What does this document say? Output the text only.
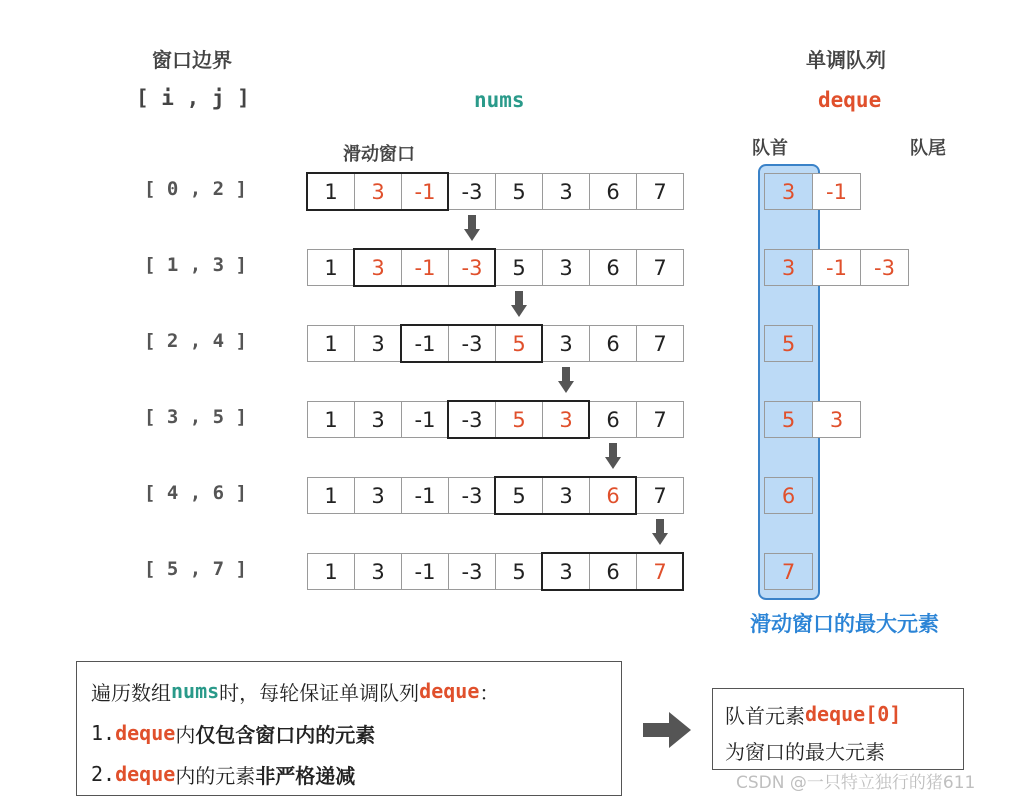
窗口边界
[ i , j ]	nums
单调队列
deque
滑动窗口	队首	队尾
滑动窗口的最大元素
[ 0 , 2 ]	1	3	-1	-3	5	3	6	7	3	-1
[ 1 , 3 ]	1	3	-1	-3	5	3	6	7	3	-1	-3
[ 2 , 4 ]	1	3	-1	-3	5	3	6	7	5
[ 3 , 5 ]	1	3	-1	-3	5	3	6	7	5	3
[ 4 , 6 ]	1	3	-1	-3	5	3	6	7	6
[ 5 , 7 ]	1	3	-1	-3	5	3	6	7	7
遍历数组 nums 时，每轮保证单调队列 deque ：
1. deque 内 仅包含窗口内的元素
2. deque 内的元素 非严格递减
队首元素 deque[0]
为窗口的最大元素
CSDN @一只特立独行的猪611
